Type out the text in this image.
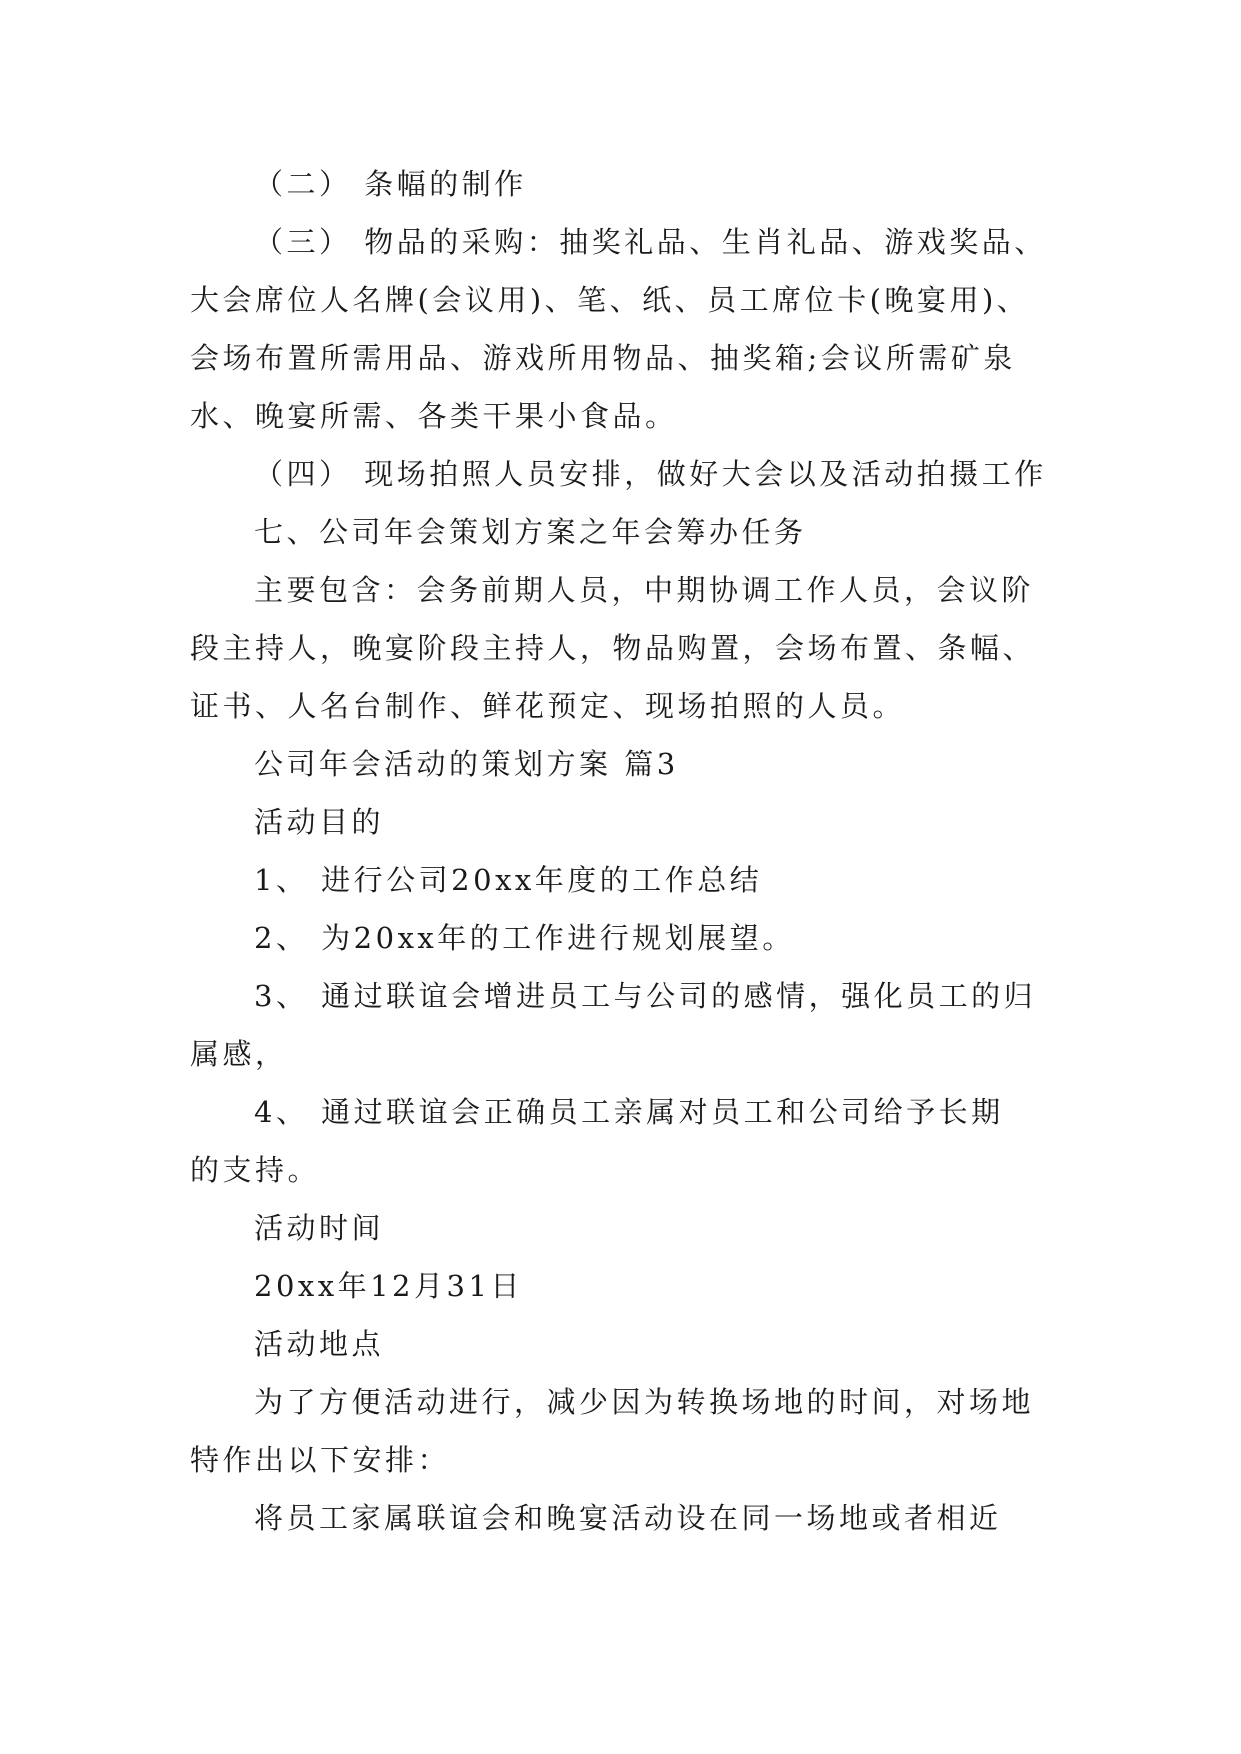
（二） 条幅的制作
（三） 物品的采购：抽奖礼品、生肖礼品、游戏奖品、
大会席位人名牌(会议用)、笔、纸、员工席位卡(晚宴用)、
会场布置所需用品、游戏所用物品、抽奖箱;会议所需矿泉
水、晚宴所需、各类干果小食品。
（四） 现场拍照人员安排，做好大会以及活动拍摄工作
七、公司年会策划方案之年会筹办任务
主要包含：会务前期人员，中期协调工作人员，会议阶
段主持人，晚宴阶段主持人，物品购置，会场布置、条幅、
证书、人名台制作、鲜花预定、现场拍照的人员。
公司年会活动的策划方案 篇3
活动目的
1、 进行公司20xx年度的工作总结
2、 为20xx年的工作进行规划展望。
3、 通过联谊会增进员工与公司的感情，强化员工的归
属感，
4、 通过联谊会正确员工亲属对员工和公司给予长期
的支持。
活动时间
20xx年12月31日
活动地点
为了方便活动进行，减少因为转换场地的时间，对场地
特作出以下安排：
将员工家属联谊会和晚宴活动设在同一场地或者相近
